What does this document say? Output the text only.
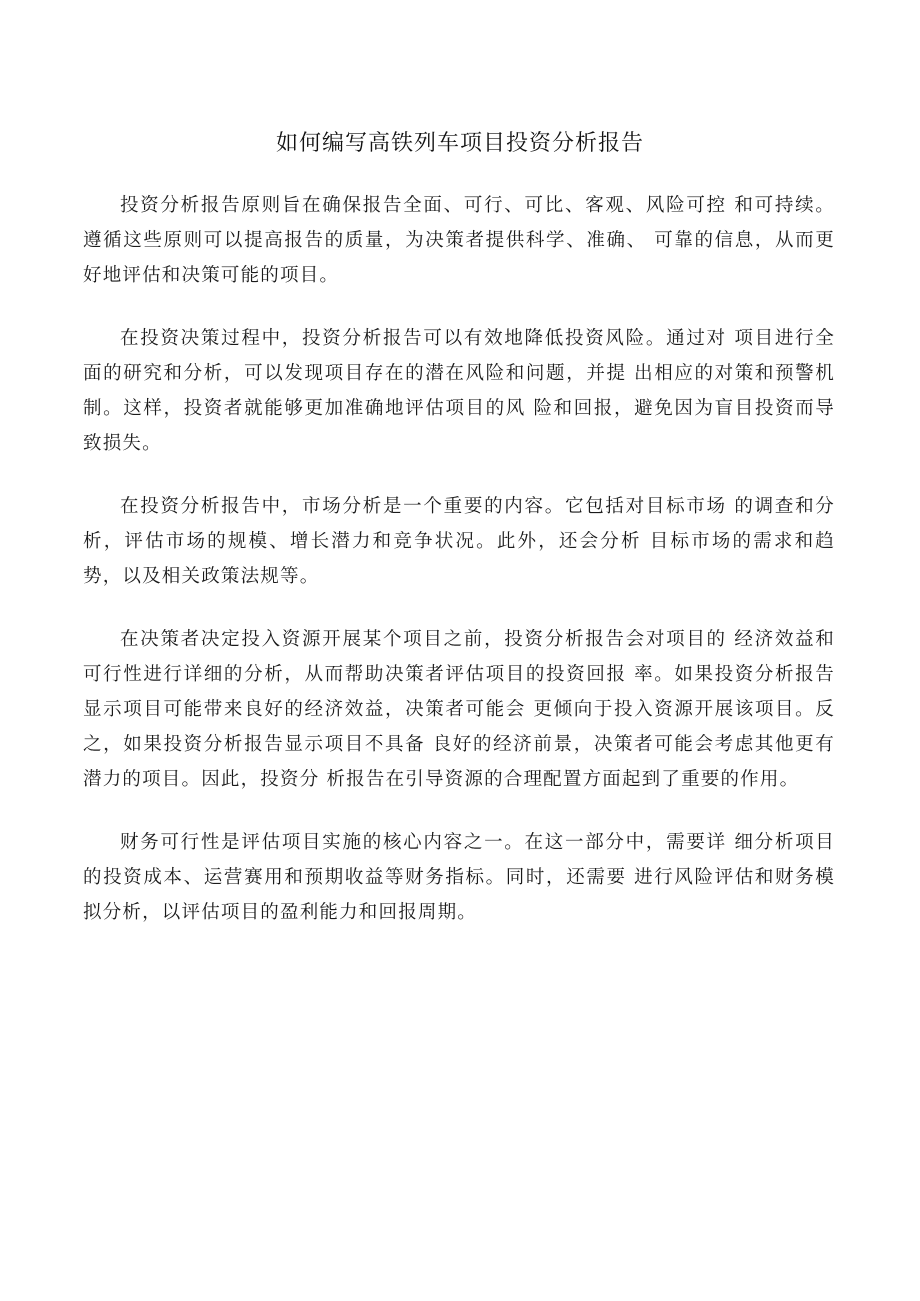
如何编写高铁列车项目投资分析报告

投资分析报告原则旨在确保报告全面、可行、可比、客观、风险可控 和可持续。遵循这些原则可以提高报告的质量，为决策者提供科学、准确、 可靠的信息，从而更好地评估和决策可能的项目。

在投资决策过程中，投资分析报告可以有效地降低投资风险。通过对 项目进行全面的研究和分析，可以发现项目存在的潜在风险和问题，并提 出相应的对策和预警机制。这样，投资者就能够更加准确地评估项目的风 险和回报，避免因为盲目投资而导致损失。

在投资分析报告中，市场分析是一个重要的内容。它包括对目标市场 的调查和分析，评估市场的规模、增长潜力和竞争状况。此外，还会分析 目标市场的需求和趋势，以及相关政策法规等。

在决策者决定投入资源开展某个项目之前，投资分析报告会对项目的 经济效益和可行性进行详细的分析，从而帮助决策者评估项目的投资回报 率。如果投资分析报告显示项目可能带来良好的经济效益，决策者可能会 更倾向于投入资源开展该项目。反之，如果投资分析报告显示项目不具备 良好的经济前景，决策者可能会考虑其他更有潜力的项目。因此，投资分 析报告在引导资源的合理配置方面起到了重要的作用。

财务可行性是评估项目实施的核心内容之一。在这一部分中，需要详 细分析项目的投资成本、运营赛用和预期收益等财务指标。同时，还需要 进行风险评估和财务模拟分析，以评估项目的盈利能力和回报周期。
